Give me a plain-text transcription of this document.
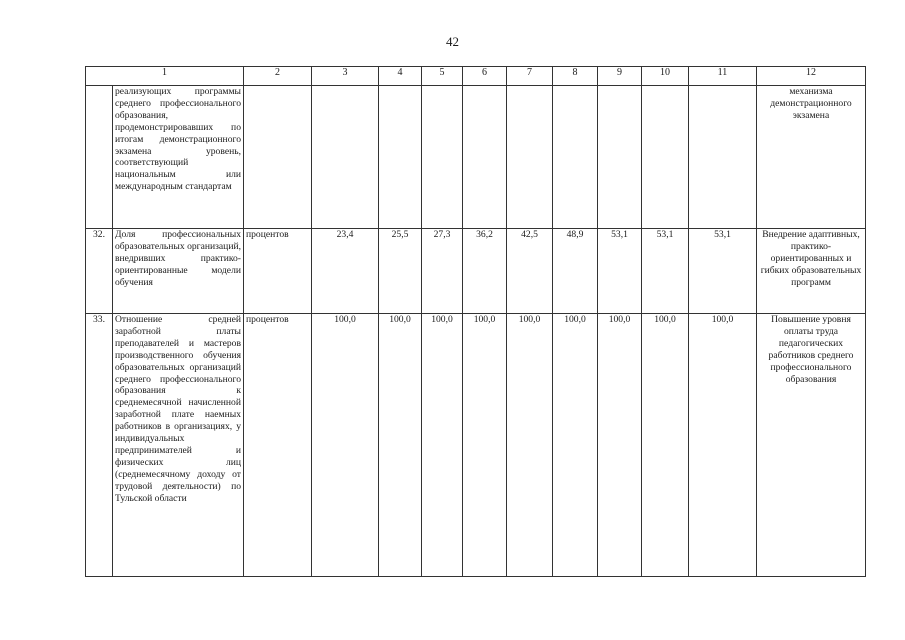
42
1		2	3	4	5	6	7	8	9	10	11	12
	реализующих программы среднего профессионального образования, продемонстрировавших по итогам демонстрационного экзамена уровень, соответствующий национальным или международным стандартам											механизма демонстрационного экзамена
32.	Доля профессиональных образовательных организаций, внедривших практико-ориентированные модели обучения	процентов	23,4	25,5	27,3	36,2	42,5	48,9	53,1	53,1	53,1	Внедрение адаптивных, практико-ориентированных и гибких образовательных программ
33.	Отношение средней заработной платы преподавателей и мастеров производственного обучения образовательных организаций среднего профессионального образования к среднемесячной начисленной заработной плате наемных работников в организациях, у индивидуальных предпринимателей и физических лиц (среднемесячному доходу от трудовой деятельности) по Тульской области	процентов	100,0	100,0	100,0	100,0	100,0	100,0	100,0	100,0	100,0	Повышение уровня оплаты труда педагогических работников среднего профессионального образования
